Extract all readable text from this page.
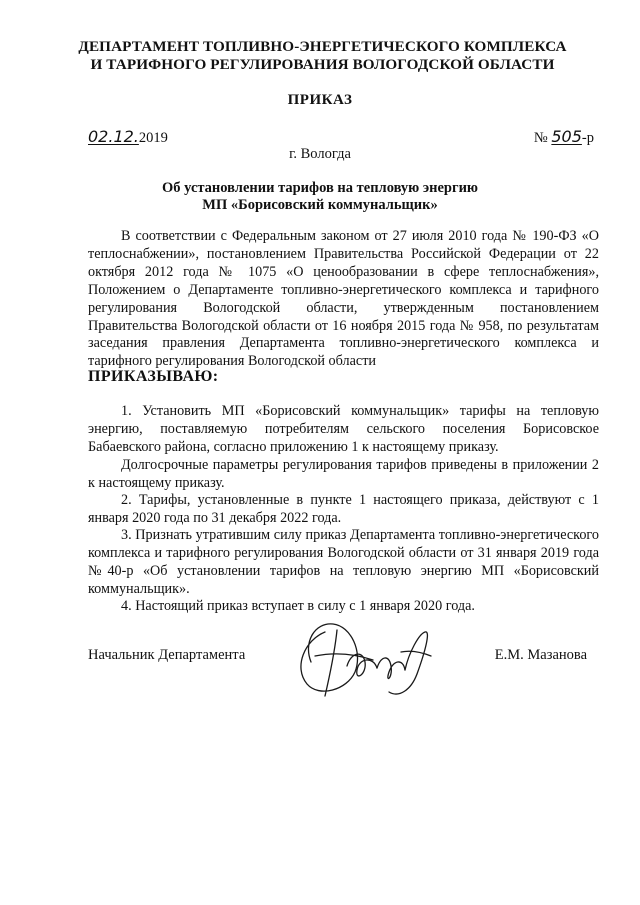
ДЕПАРТАМЕНТ ТОПЛИВНО-ЭНЕРГЕТИЧЕСКОГО КОМПЛЕКСА
И ТАРИФНОГО РЕГУЛИРОВАНИЯ ВОЛОГОДСКОЙ ОБЛАСТИ
ПРИКАЗ
02.12.2019	№ 505-р
г. Вологда
Об установлении тарифов на тепловую энергию
МП «Борисовский коммунальщик»

В соответствии с Федеральным законом от 27 июля 2010 года № 190-ФЗ «О теплоснабжении», постановлением Правительства Российской Федерации от 22 октября 2012 года № 1075 «О ценообразовании в сфере теплоснабжения», Положением о Департаменте топливно-энергетического комплекса и тарифного регулирования Вологодской области, утвержденным постановлением Правительства Вологодской области от 16 ноября 2015 года № 958, по результатам заседания правления Департамента топливно-энергетического комплекса и тарифного регулирования Вологодской области

ПРИКАЗЫВАЮ:

1. Установить МП «Борисовский коммунальщик» тарифы на тепловую энергию, поставляемую потребителям сельского поселения Борисовское Бабаевского района, согласно приложению 1 к настоящему приказу.

Долгосрочные параметры регулирования тарифов приведены в приложении 2 к настоящему приказу.

2. Тарифы, установленные в пункте 1 настоящего приказа, действуют с 1 января 2020 года по 31 декабря 2022 года.

3. Признать утратившим силу приказ Департамента топливно-энергетического комплекса и тарифного регулирования Вологодской области от 31 января 2019 года №40-р «Об установлении тарифов на тепловую энергию МП «Борисовский коммунальщик».

4. Настоящий приказ вступает в силу с 1 января 2020 года.

Начальник Департамента	Е.М. Мазанова
